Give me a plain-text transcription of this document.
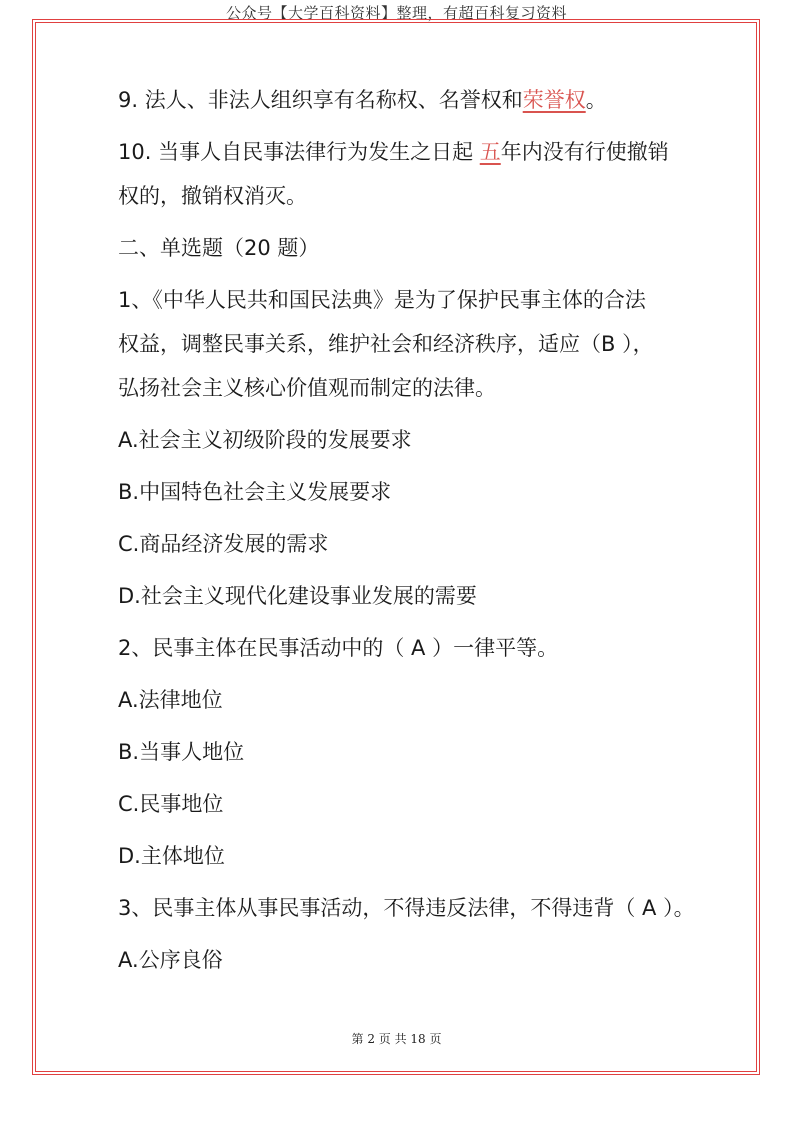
公众号【大学百科资料】整理，有超百科复习资料

9. 法人、非法人组织享有名称权、名誉权和荣誉权。

10. 当事人自民事法律行为发生之日起 五年内没有行使撤销

权的，撤销权消灭。

二、单选题（20 题）

1、《中华人民共和国民法典》是为了保护民事主体的合法

权益，调整民事关系，维护社会和经济秩序，适应（B ），

弘扬社会主义核心价值观而制定的法律。

A.社会主义初级阶段的发展要求

B.中国特色社会主义发展要求

C.商品经济发展的需求

D.社会主义现代化建设事业发展的需要

2、民事主体在民事活动中的（ A ）一律平等。

A.法律地位

B.当事人地位

C.民事地位

D.主体地位

3、民事主体从事民事活动，不得违反法律，不得违背（ A ）。

A.公序良俗

第 2 页 共 18 页
